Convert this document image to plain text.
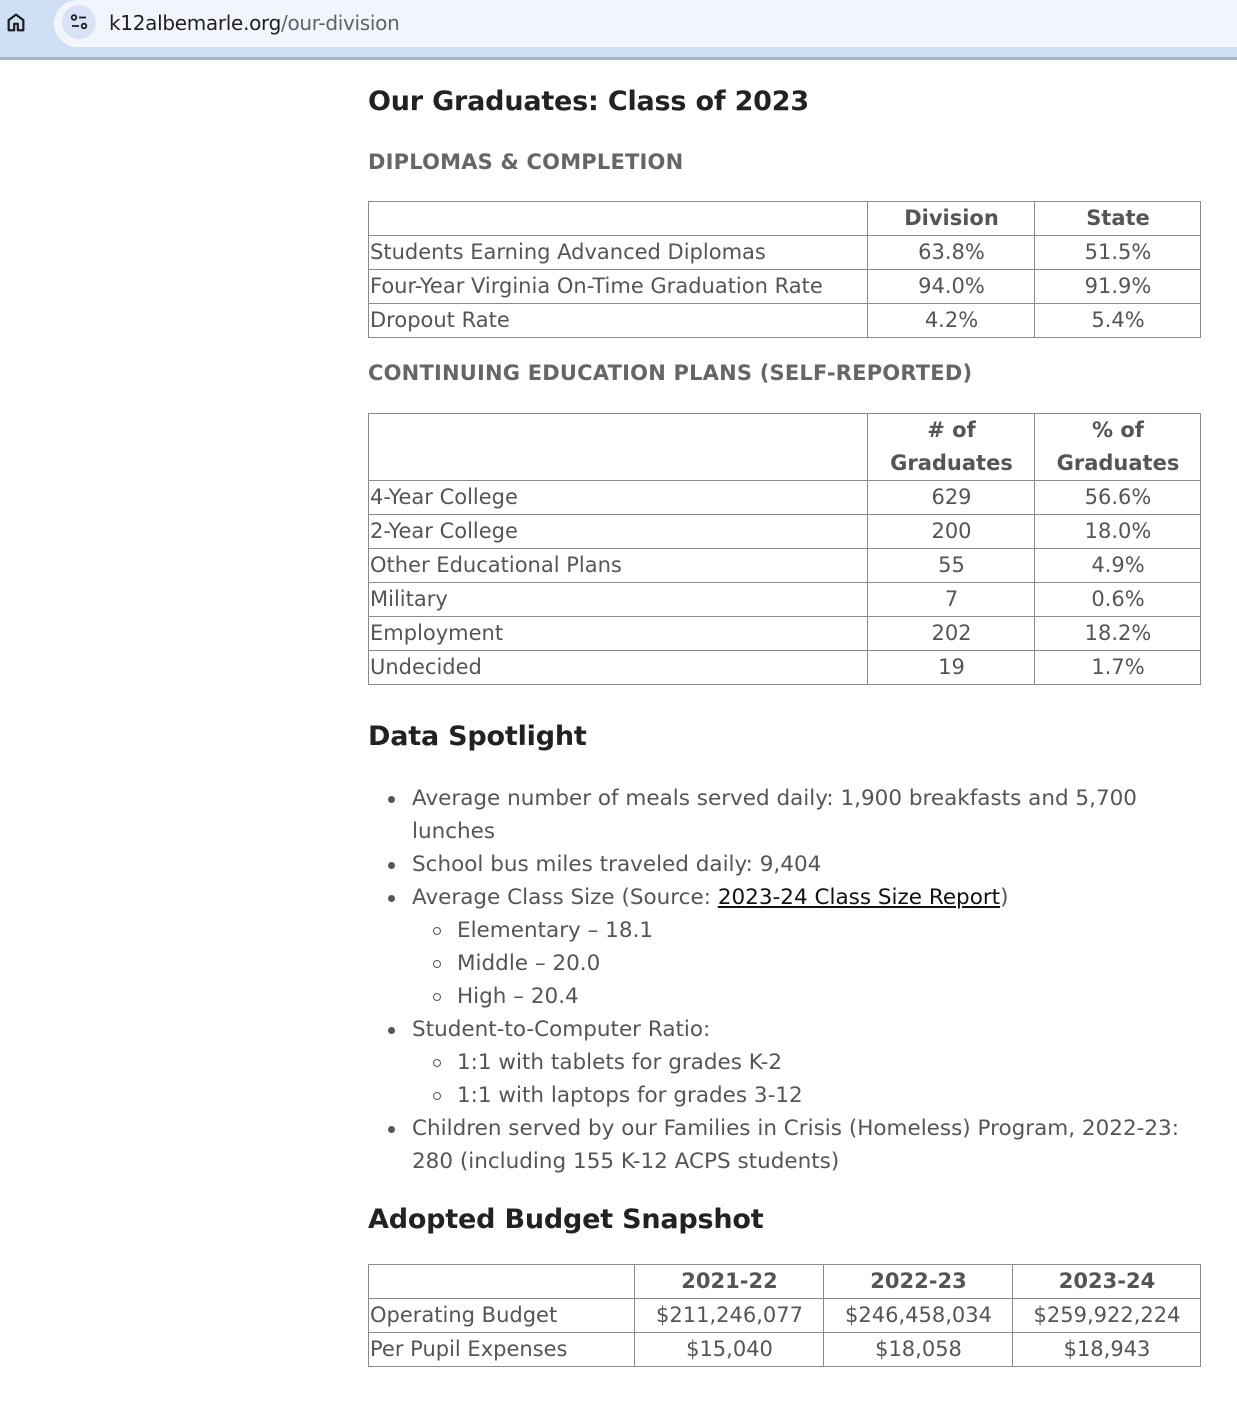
k12albemarle.org/our-division
Our Graduates: Class of 2023
DIPLOMAS & COMPLETION
	Division	State
Students Earning Advanced Diplomas	63.8%	51.5%
Four-Year Virginia On-Time Graduation Rate	94.0%	91.9%
Dropout Rate	4.2%	5.4%
CONTINUING EDUCATION PLANS (SELF-REPORTED)
	# of Graduates	% of Graduates
4-Year College	629	56.6%
2-Year College	200	18.0%
Other Educational Plans	55	4.9%
Military	7	0.6%
Employment	202	18.2%
Undecided	19	1.7%
Data Spotlight
Average number of meals served daily: 1,900 breakfasts and 5,700 lunches
School bus miles traveled daily: 9,404
Average Class Size (Source: 2023-24 Class Size Report)
Elementary – 18.1
Middle – 20.0
High – 20.4
Student-to-Computer Ratio:
1:1 with tablets for grades K-2
1:1 with laptops for grades 3-12
Children served by our Families in Crisis (Homeless) Program, 2022-23: 280 (including 155 K-12 ACPS students)
Adopted Budget Snapshot
	2021-22	2022-23	2023-24
Operating Budget	$211,246,077	$246,458,034	$259,922,224
Per Pupil Expenses	$15,040	$18,058	$18,943
